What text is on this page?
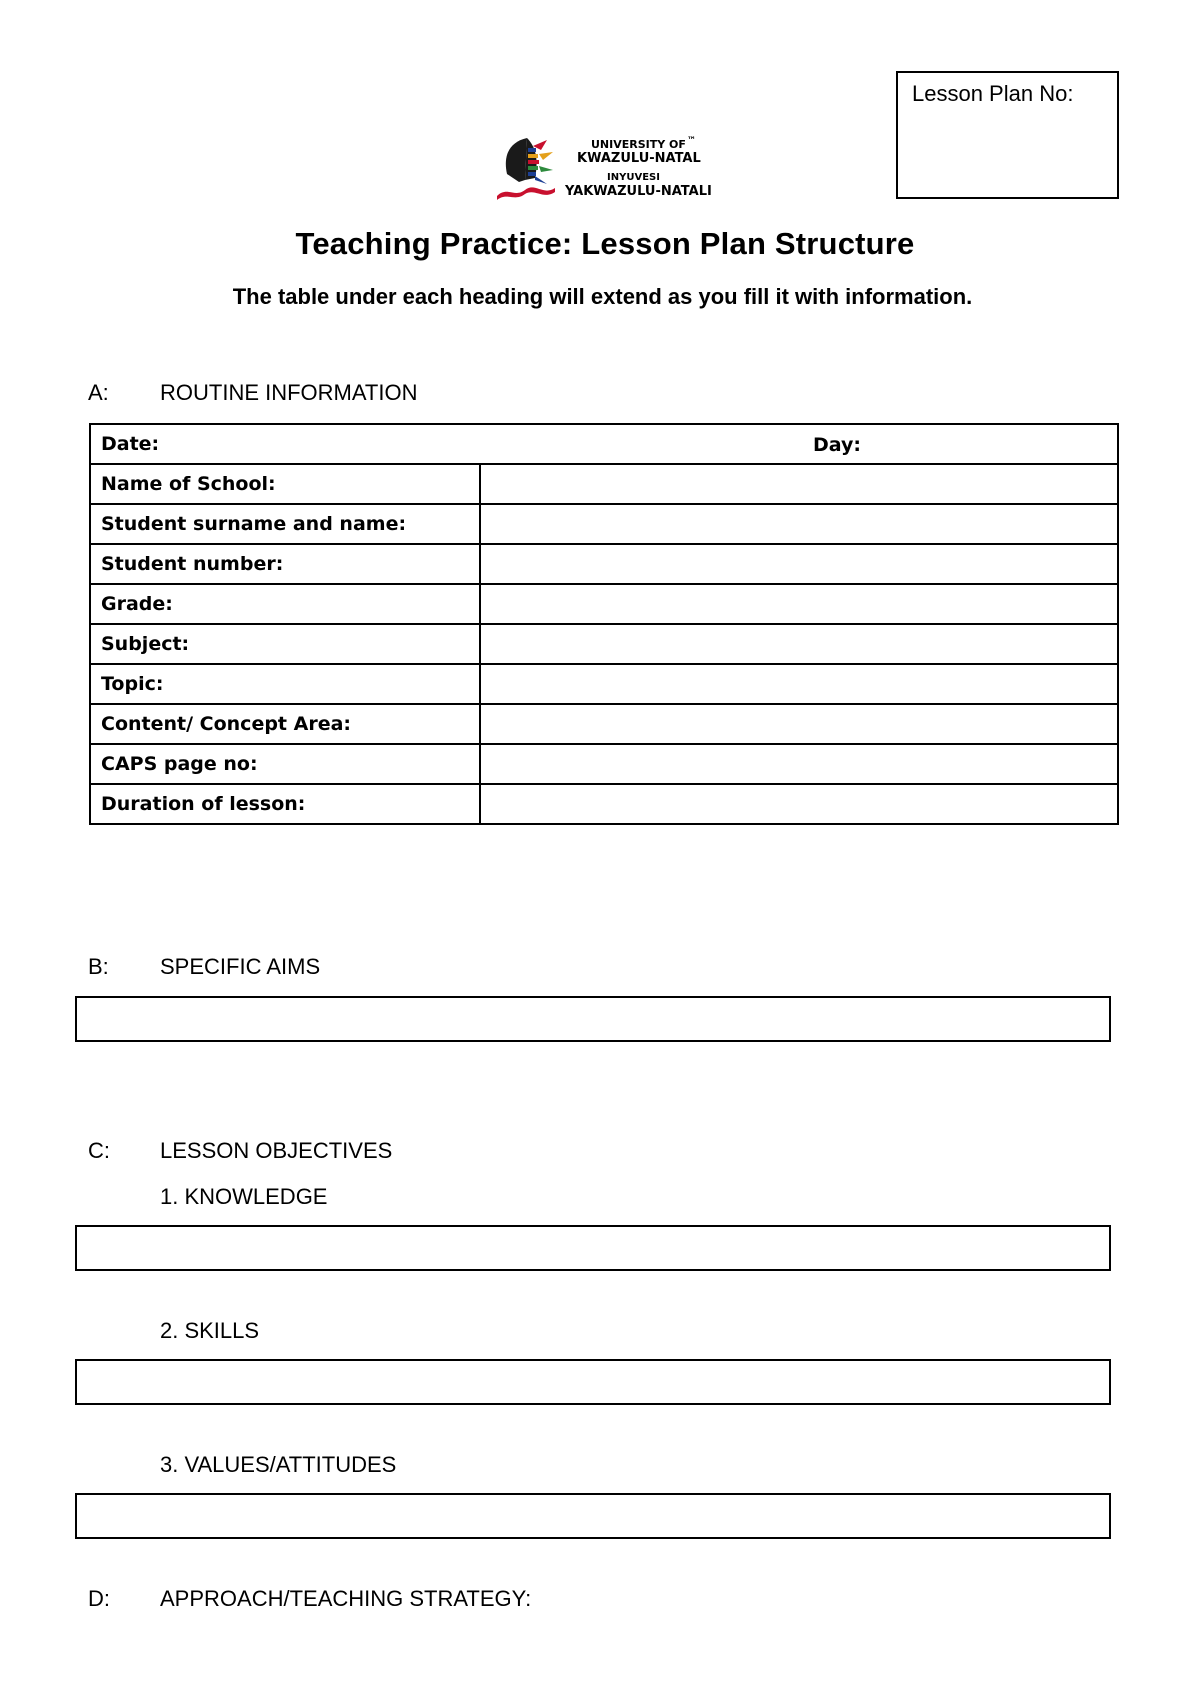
Lesson Plan No:
UNIVERSITY OF ™
KWAZULU-NATAL
INYUVESI
YAKWAZULU-NATALI
Teaching Practice: Lesson Plan Structure
The table under each heading will extend as you fill it with information.
A: ROUTINE INFORMATION
Date: Day:	

Name of School:	
Student surname and name:	
Student number:	
Grade:	
Subject:	
Topic:	
Content/ Concept Area:	
CAPS page no:	
Duration of lesson:	
B: SPECIFIC AIMS
C: LESSON OBJECTIVES
1. KNOWLEDGE
2. SKILLS
3. VALUES/ATTITUDES
D: APPROACH/TEACHING STRATEGY:
